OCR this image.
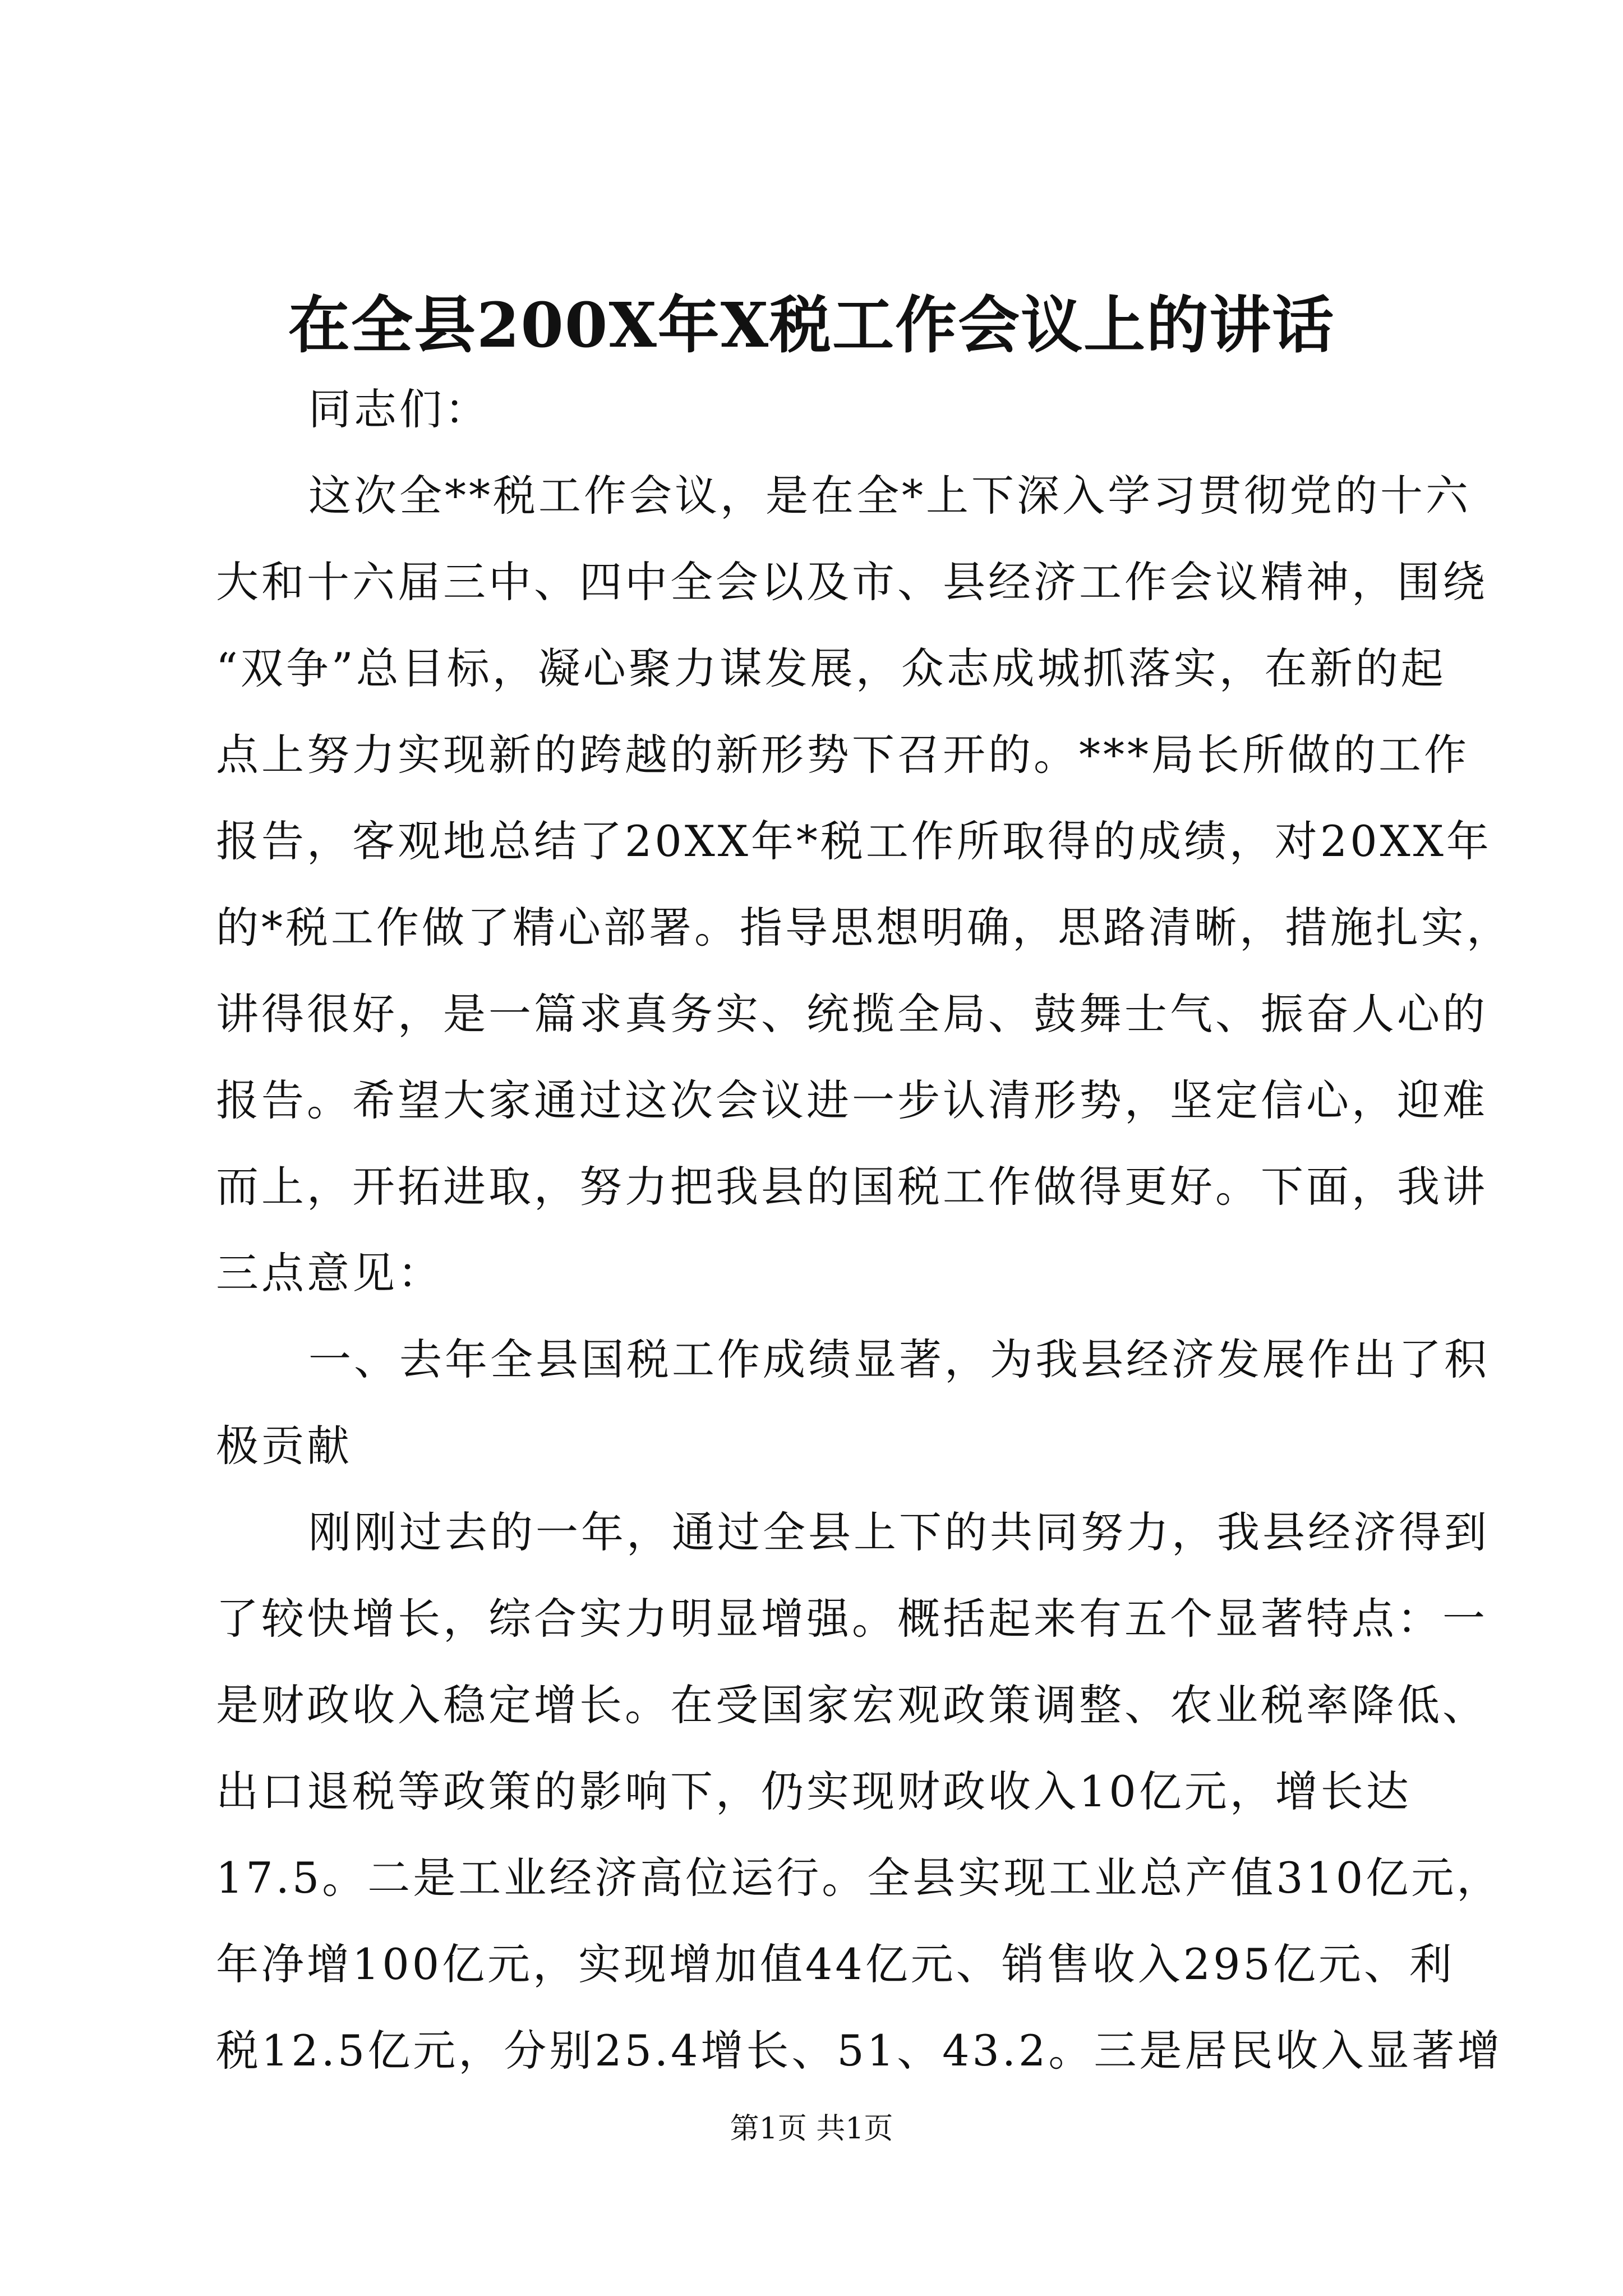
在全县200X年X税工作会议上的讲话
同志们：
这次全**税工作会议，是在全*上下深入学习贯彻党的十六
大和十六届三中、四中全会以及市、县经济工作会议精神，围绕
“双争”总目标，凝心聚力谋发展，众志成城抓落实，在新的起
点上努力实现新的跨越的新形势下召开的。***局长所做的工作
报告，客观地总结了20XX年*税工作所取得的成绩，对20XX年
的*税工作做了精心部署。指导思想明确，思路清晰，措施扎实，
讲得很好，是一篇求真务实、统揽全局、鼓舞士气、振奋人心的
报告。希望大家通过这次会议进一步认清形势，坚定信心，迎难
而上，开拓进取，努力把我县的国税工作做得更好。下面，我讲
三点意见：
一、去年全县国税工作成绩显著，为我县经济发展作出了积
极贡献
刚刚过去的一年，通过全县上下的共同努力，我县经济得到
了较快增长，综合实力明显增强。概括起来有五个显著特点：一
是财政收入稳定增长。在受国家宏观政策调整、农业税率降低、
出口退税等政策的影响下，仍实现财政收入10亿元，增长达
17.5。二是工业经济高位运行。全县实现工业总产值310亿元，
年净增100亿元，实现增加值44亿元、销售收入295亿元、利
税12.5亿元，分别25.4增长、51、43.2。三是居民收入显著增
第1页 共1页
